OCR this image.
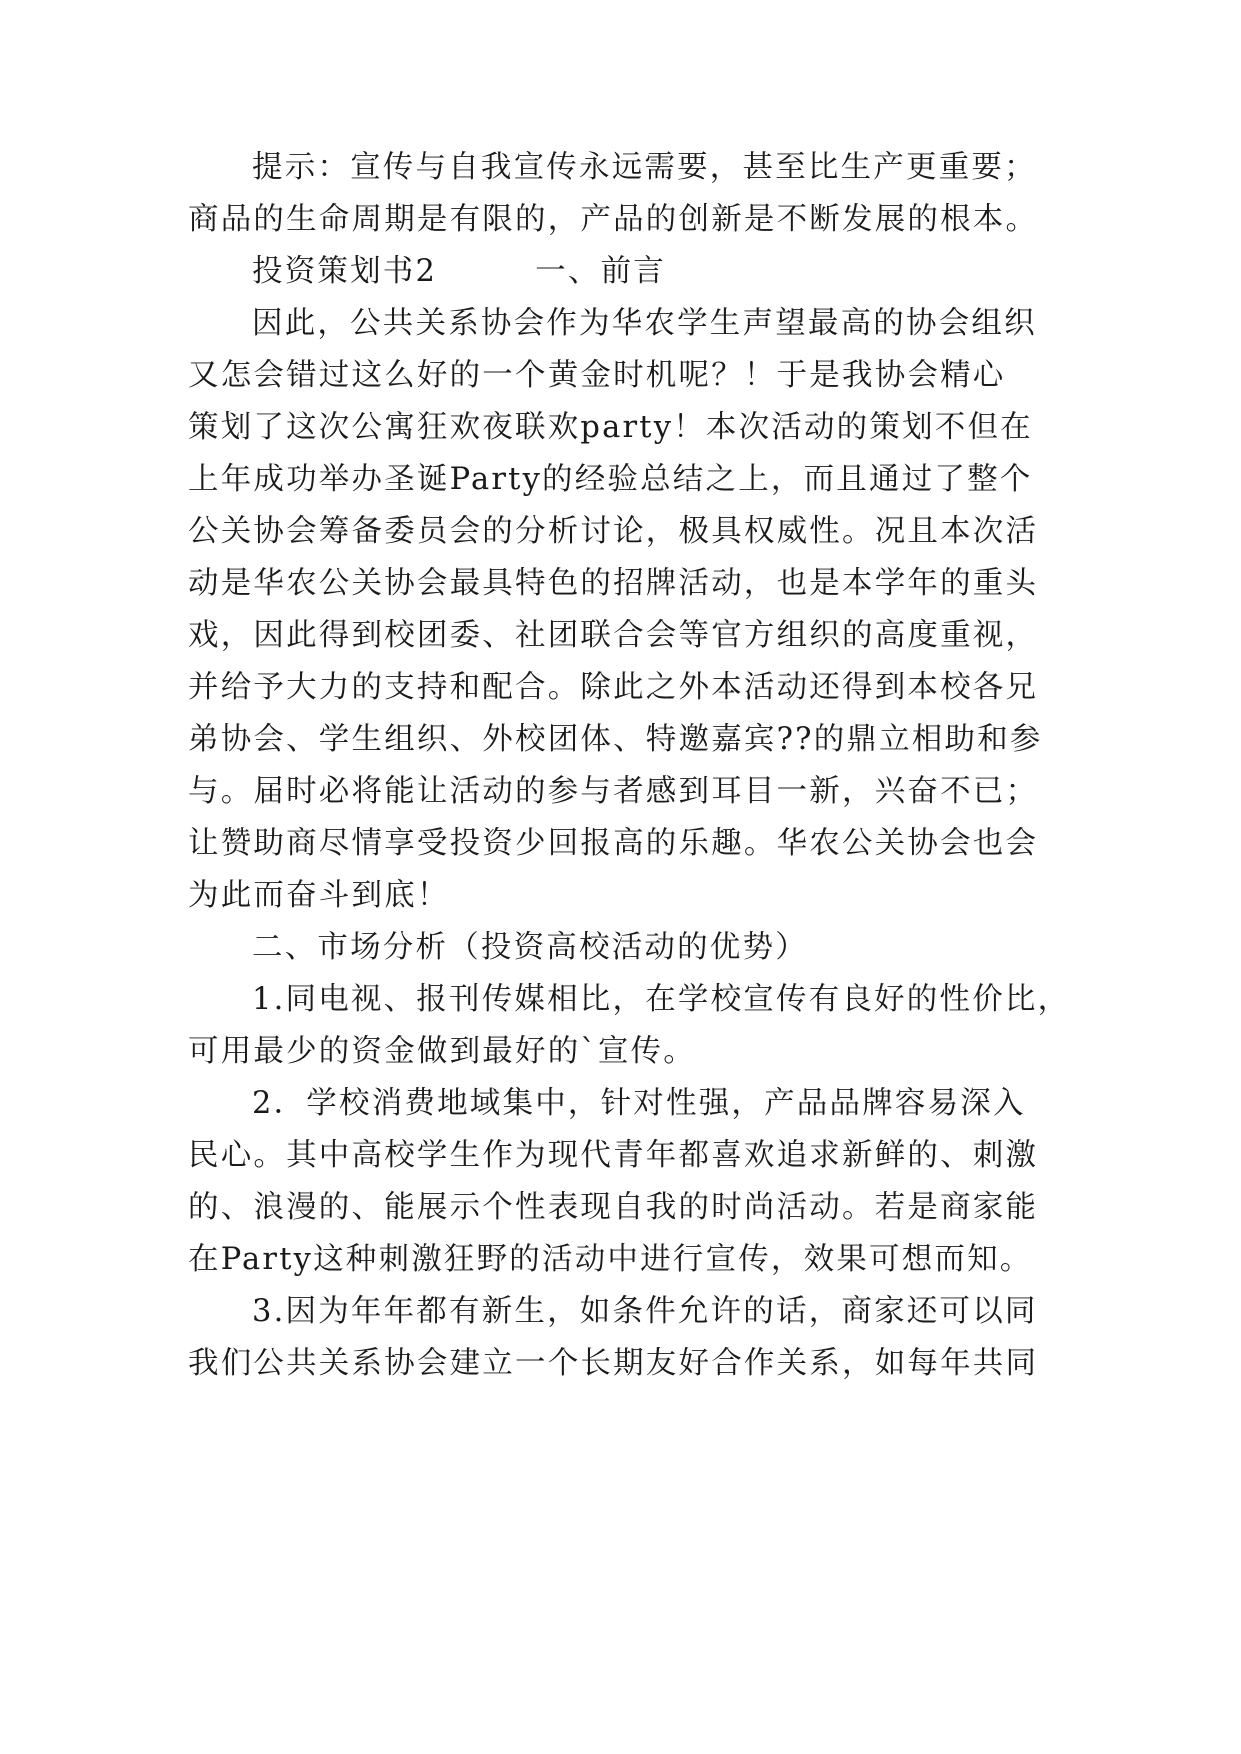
提示：宣传与自我宣传永远需要，甚至比生产更重要；
商品的生命周期是有限的，产品的创新是不断发展的根本。
投资策划书2　　　一、前言
因此，公共关系协会作为华农学生声望最高的协会组织
又怎会错过这么好的一个黄金时机呢？！于是我协会精心
策划了这次公寓狂欢夜联欢party！本次活动的策划不但在
上年成功举办圣诞Party的经验总结之上，而且通过了整个
公关协会筹备委员会的分析讨论，极具权威性。况且本次活
动是华农公关协会最具特色的招牌活动，也是本学年的重头
戏，因此得到校团委、社团联合会等官方组织的高度重视，
并给予大力的支持和配合。除此之外本活动还得到本校各兄
弟协会、学生组织、外校团体、特邀嘉宾??的鼎立相助和参
与。届时必将能让活动的参与者感到耳目一新，兴奋不已；
让赞助商尽情享受投资少回报高的乐趣。华农公关协会也会
为此而奋斗到底！
二、市场分析（投资高校活动的优势）
1.同电视、报刊传媒相比，在学校宣传有良好的性价比，
可用最少的资金做到最好的`宣传。
2．学校消费地域集中，针对性强，产品品牌容易深入
民心。其中高校学生作为现代青年都喜欢追求新鲜的、刺激
的、浪漫的、能展示个性表现自我的时尚活动。若是商家能
在Party这种刺激狂野的活动中进行宣传，效果可想而知。
3.因为年年都有新生，如条件允许的话，商家还可以同
我们公共关系协会建立一个长期友好合作关系，如每年共同
